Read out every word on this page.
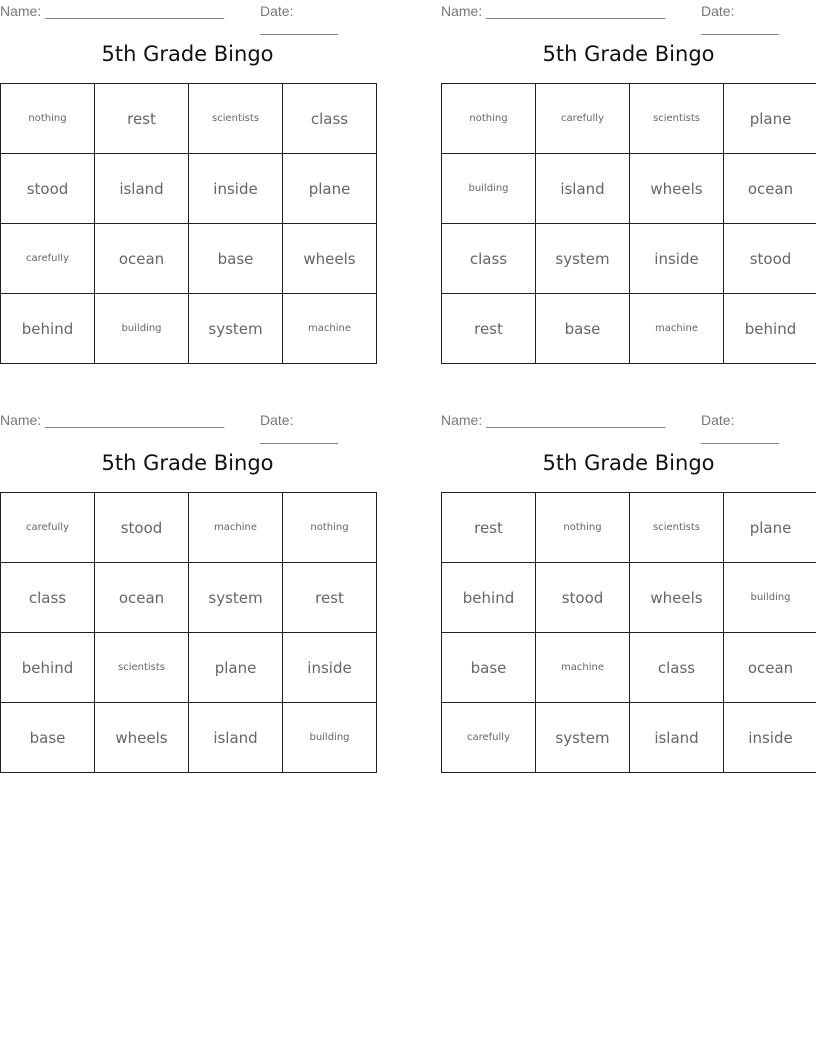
Name: _______________________	Date: __________
5th Grade Bingo
nothing	rest	scientists	class
stood	island	inside	plane
carefully	ocean	base	wheels
behind	building	system	machine
Name: _______________________	Date: __________
5th Grade Bingo
nothing	carefully	scientists	plane
building	island	wheels	ocean
class	system	inside	stood
rest	base	machine	behind
Name: _______________________	Date: __________
5th Grade Bingo
carefully	stood	machine	nothing
class	ocean	system	rest
behind	scientists	plane	inside
base	wheels	island	building
Name: _______________________	Date: __________
5th Grade Bingo
rest	nothing	scientists	plane
behind	stood	wheels	building
base	machine	class	ocean
carefully	system	island	inside
